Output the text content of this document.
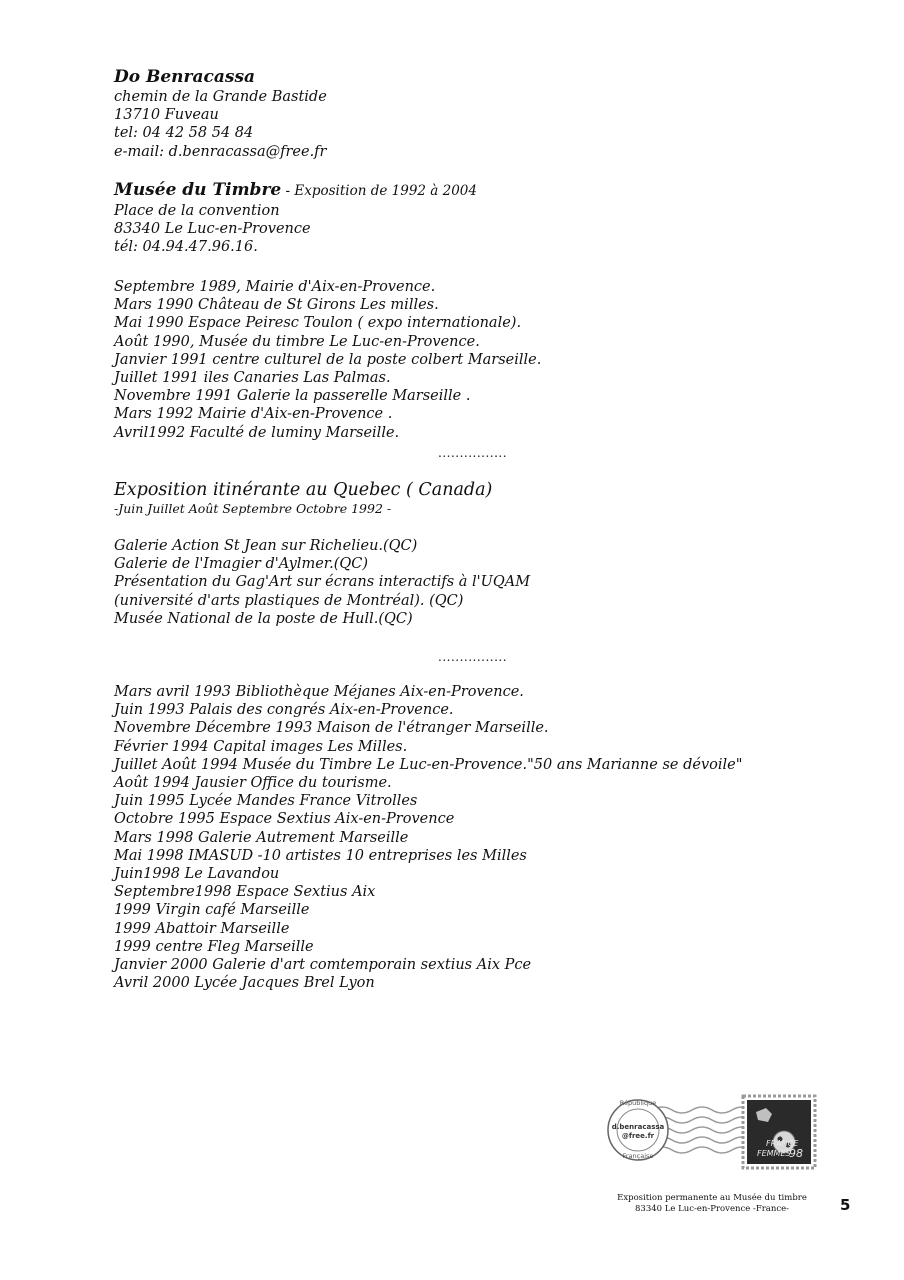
Do Benracassa
chemin de la Grande Bastide
13710 Fuveau
tel: 04 42 58 54 84
e-mail: d.benracassa@free.fr
Musée du Timbre - Exposition de 1992 à 2004
Place de la convention
83340 Le Luc-en-Provence
tél: 04.94.47.96.16.
Septembre 1989, Mairie d'Aix-en-Provence.
Mars 1990 Château de St Girons Les milles.
Mai 1990 Espace Peiresc Toulon ( expo internationale).
Août 1990, Musée du timbre Le Luc-en-Provence.
Janvier 1991 centre culturel de la poste colbert Marseille.
Juillet 1991 iles Canaries Las Palmas.
Novembre 1991 Galerie la passerelle Marseille .
Mars 1992 Mairie d'Aix-en-Provence .
Avril1992 Faculté de luminy Marseille.
................
Exposition itinérante au Quebec ( Canada)
-Juin Juillet Août Septembre Octobre 1992 -
Galerie Action St Jean sur Richelieu.(QC)
Galerie de l'Imagier d'Aylmer.(QC)
Présentation du Gag'Art sur écrans interactifs à l'UQAM
(université d'arts plastiques de Montréal). (QC)
Musée National de la poste de Hull.(QC)
................
Mars avril 1993 Bibliothèque Méjanes Aix-en-Provence.
Juin 1993 Palais des congrés Aix-en-Provence.
Novembre Décembre 1993 Maison de l'étranger Marseille.
Février 1994 Capital images Les Milles.
Juillet Août 1994 Musée du Timbre Le Luc-en-Provence."50 ans Marianne se dévoile"
Août 1994 Jausier Office du tourisme.
Juin 1995 Lycée Mandes France Vitrolles
Octobre 1995 Espace Sextius Aix-en-Provence
Mars 1998 Galerie Autrement Marseille
Mai 1998 IMASUD -10 artistes 10 entreprises les Milles
Juin1998 Le Lavandou
Septembre1998 Espace Sextius Aix
1999 Virgin café Marseille
1999 Abattoir Marseille
1999 centre Fleg Marseille
Janvier 2000 Galerie d'art comtemporain sextius Aix Pce
Avril 2000 Lycée Jacques Brel Lyon
République
d.benracassa
@free.fr
Française
FRANCE
FEMMES
98
Exposition permanente au Musée du timbre
83340 Le Luc-en-Provence -France-	5
